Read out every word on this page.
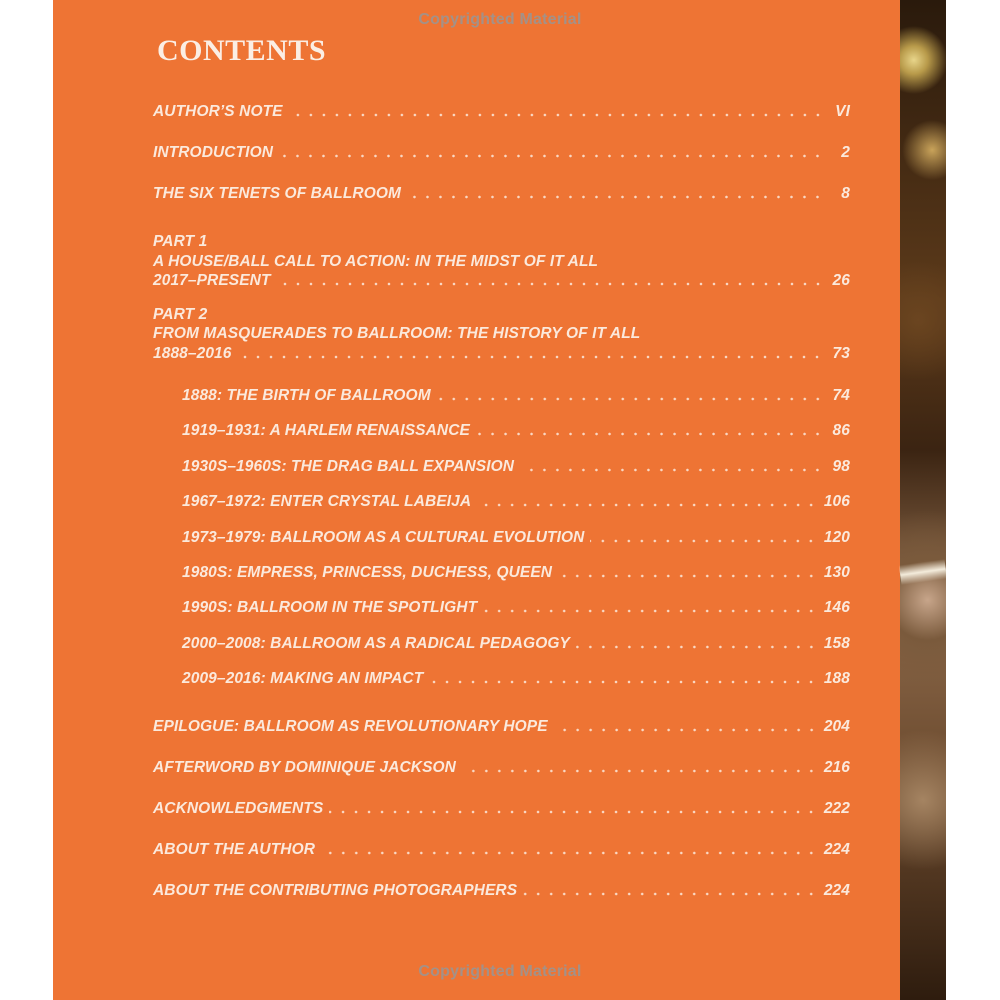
Copyrighted Material
Copyrighted Material
CONTENTS
AUTHOR’S NOTE	VI
INTRODUCTION	2
THE SIX TENETS OF BALLROOM	8
PART 1
A HOUSE/BALL CALL TO ACTION: IN THE MIDST OF IT ALL
2017–PRESENT	26
PART 2
FROM MASQUERADES TO BALLROOM: THE HISTORY OF IT ALL
1888–2016	73
1888: THE BIRTH OF BALLROOM	74
1919–1931: A HARLEM RENAISSANCE	86
1930S–1960S: THE DRAG BALL EXPANSION	98
1967–1972: ENTER CRYSTAL LABEIJA	106
1973–1979: BALLROOM AS A CULTURAL EVOLUTION	120
1980S: EMPRESS, PRINCESS, DUCHESS, QUEEN	130
1990S: BALLROOM IN THE SPOTLIGHT	146
2000–2008: BALLROOM AS A RADICAL PEDAGOGY	158
2009–2016: MAKING AN IMPACT	188
EPILOGUE: BALLROOM AS REVOLUTIONARY HOPE	204
AFTERWORD BY DOMINIQUE JACKSON	216
ACKNOWLEDGMENTS	222
ABOUT THE AUTHOR	224
ABOUT THE CONTRIBUTING PHOTOGRAPHERS	224
